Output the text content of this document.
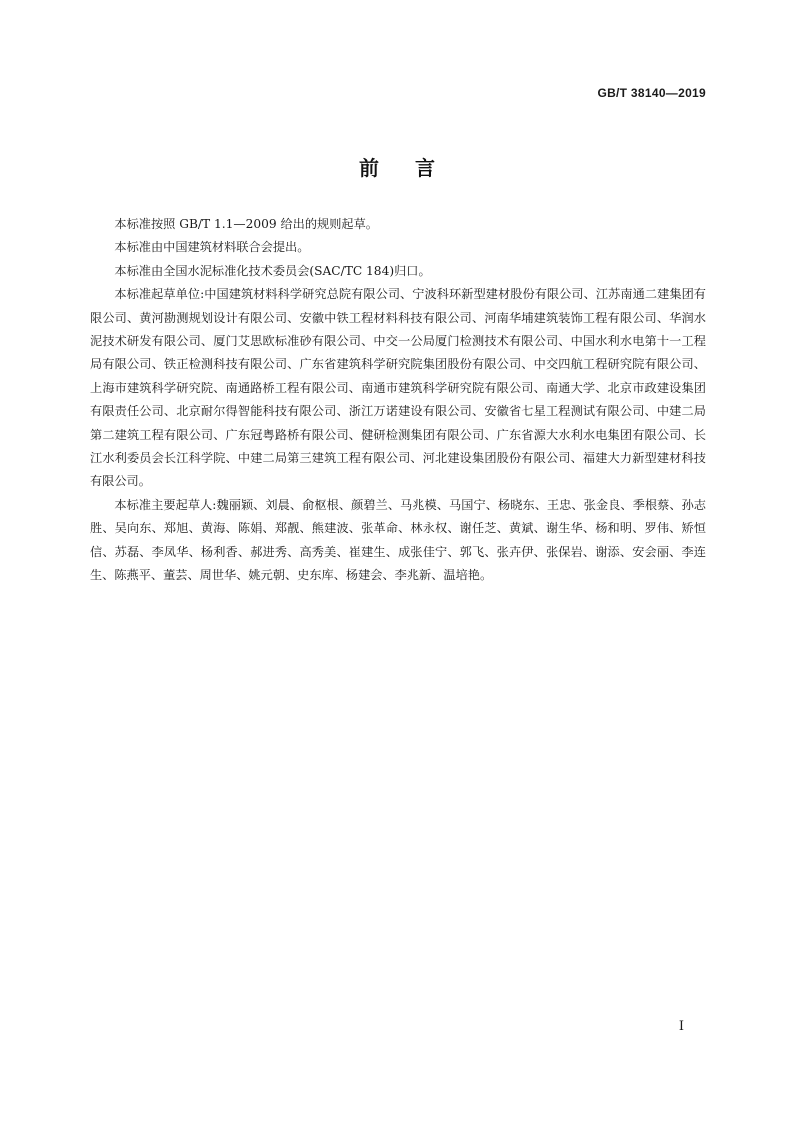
GB/T 38140—2019
前言

本标准按照 GB/T 1.1—2009 给出的规则起草。

本标准由中国建筑材料联合会提出。

本标准由全国水泥标准化技术委员会(SAC/TC 184)归口。

本标准起草单位:中国建筑材料科学研究总院有限公司、宁波科环新型建材股份有限公司、江苏南通二建集团有限公司、黄河勘测规划设计有限公司、安徽中铁工程材料科技有限公司、河南华埔建筑装饰工程有限公司、华润水泥技术研发有限公司、厦门艾思欧标准砂有限公司、中交一公局厦门检测技术有限公司、中国水利水电第十一工程局有限公司、铁正检测科技有限公司、广东省建筑科学研究院集团股份有限公司、中交四航工程研究院有限公司、上海市建筑科学研究院、南通路桥工程有限公司、南通市建筑科学研究院有限公司、南通大学、北京市政建设集团有限责任公司、北京耐尔得智能科技有限公司、浙江万诺建设有限公司、安徽省七星工程测试有限公司、中建二局第二建筑工程有限公司、广东冠粤路桥有限公司、健研检测集团有限公司、广东省源大水利水电集团有限公司、长江水利委员会长江科学院、中建二局第三建筑工程有限公司、河北建设集团股份有限公司、福建大力新型建材科技有限公司。

本标准主要起草人:魏丽颖、刘晨、俞枢根、颜碧兰、马兆模、马国宁、杨晓东、王忠、张金良、季根蔡、孙志胜、吴向东、郑旭、黄海、陈娟、郑靓、熊建波、张革命、林永权、谢任芝、黄斌、谢生华、杨和明、罗伟、矫恒信、苏磊、李凤华、杨利香、郝进秀、高秀美、崔建生、成张佳宁、郭飞、张卉伊、张保岩、谢添、安会丽、李连生、陈燕平、董芸、周世华、姚元朝、史东库、杨建会、李兆新、温培艳。

I
